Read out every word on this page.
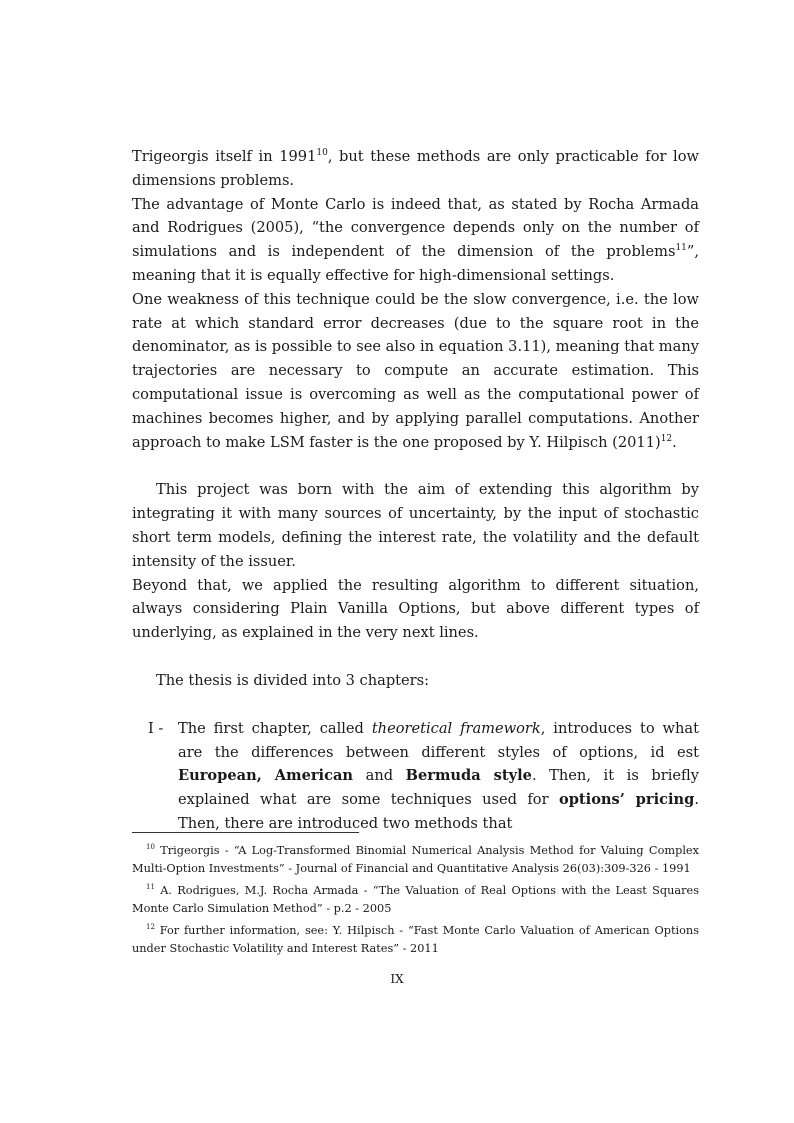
Trigeorgis itself in 1991$^{10}$, but these methods are only practicable for low dimensions problems.

The advantage of Monte Carlo is indeed that, as stated by Rocha Armada and Rodrigues (2005), “the convergence depends only on the number of simulations and is independent of the dimension of the problems$^{11}$”, meaning that it is equally effective for high-dimensional settings.

One weakness of this technique could be the slow convergence, i.e. the low rate at which standard error decreases (due to the square root in the denominator, as is possible to see also in equation 3.11), meaning that many trajectories are necessary to compute an accurate estimation. This computational issue is overcoming as well as the computational power of machines becomes higher, and by applying parallel computations. Another approach to make LSM faster is the one proposed by Y. Hilpisch $(2011)^{12}$.

This project was born with the aim of extending this algorithm by integrating it with many sources of uncertainty, by the input of stochastic short term models, defining the interest rate, the volatility and the default intensity of the issuer.

Beyond that, we applied the resulting algorithm to different situation, always considering Plain Vanilla Options, but above different types of underlying, as explained in the very next lines.

The thesis is divided into 3 chapters:

I - The first chapter, called theoretical framework, introduces to what are the differences between different styles of options, id est European, American and Bermuda style. Then, it is briefly explained what are some techniques used for options’ pricing. Then, there are introduced two methods that

$^{10}$ Trigeorgis - “A Log-Transformed Binomial Numerical Analysis Method for Valuing Complex Multi-Option Investments” - Journal of Financial and Quantitative Analysis 26(03):309-326 - 1991

$^{11}$ A. Rodrigues, M.J. Rocha Armada - “The Valuation of Real Options with the Least Squares Monte Carlo Simulation Method” - p.2 - 2005

$^{12}$ For further information, see: Y. Hilpisch - “Fast Monte Carlo Valuation of American Options under Stochastic Volatility and Interest Rates” - 2011

IX
